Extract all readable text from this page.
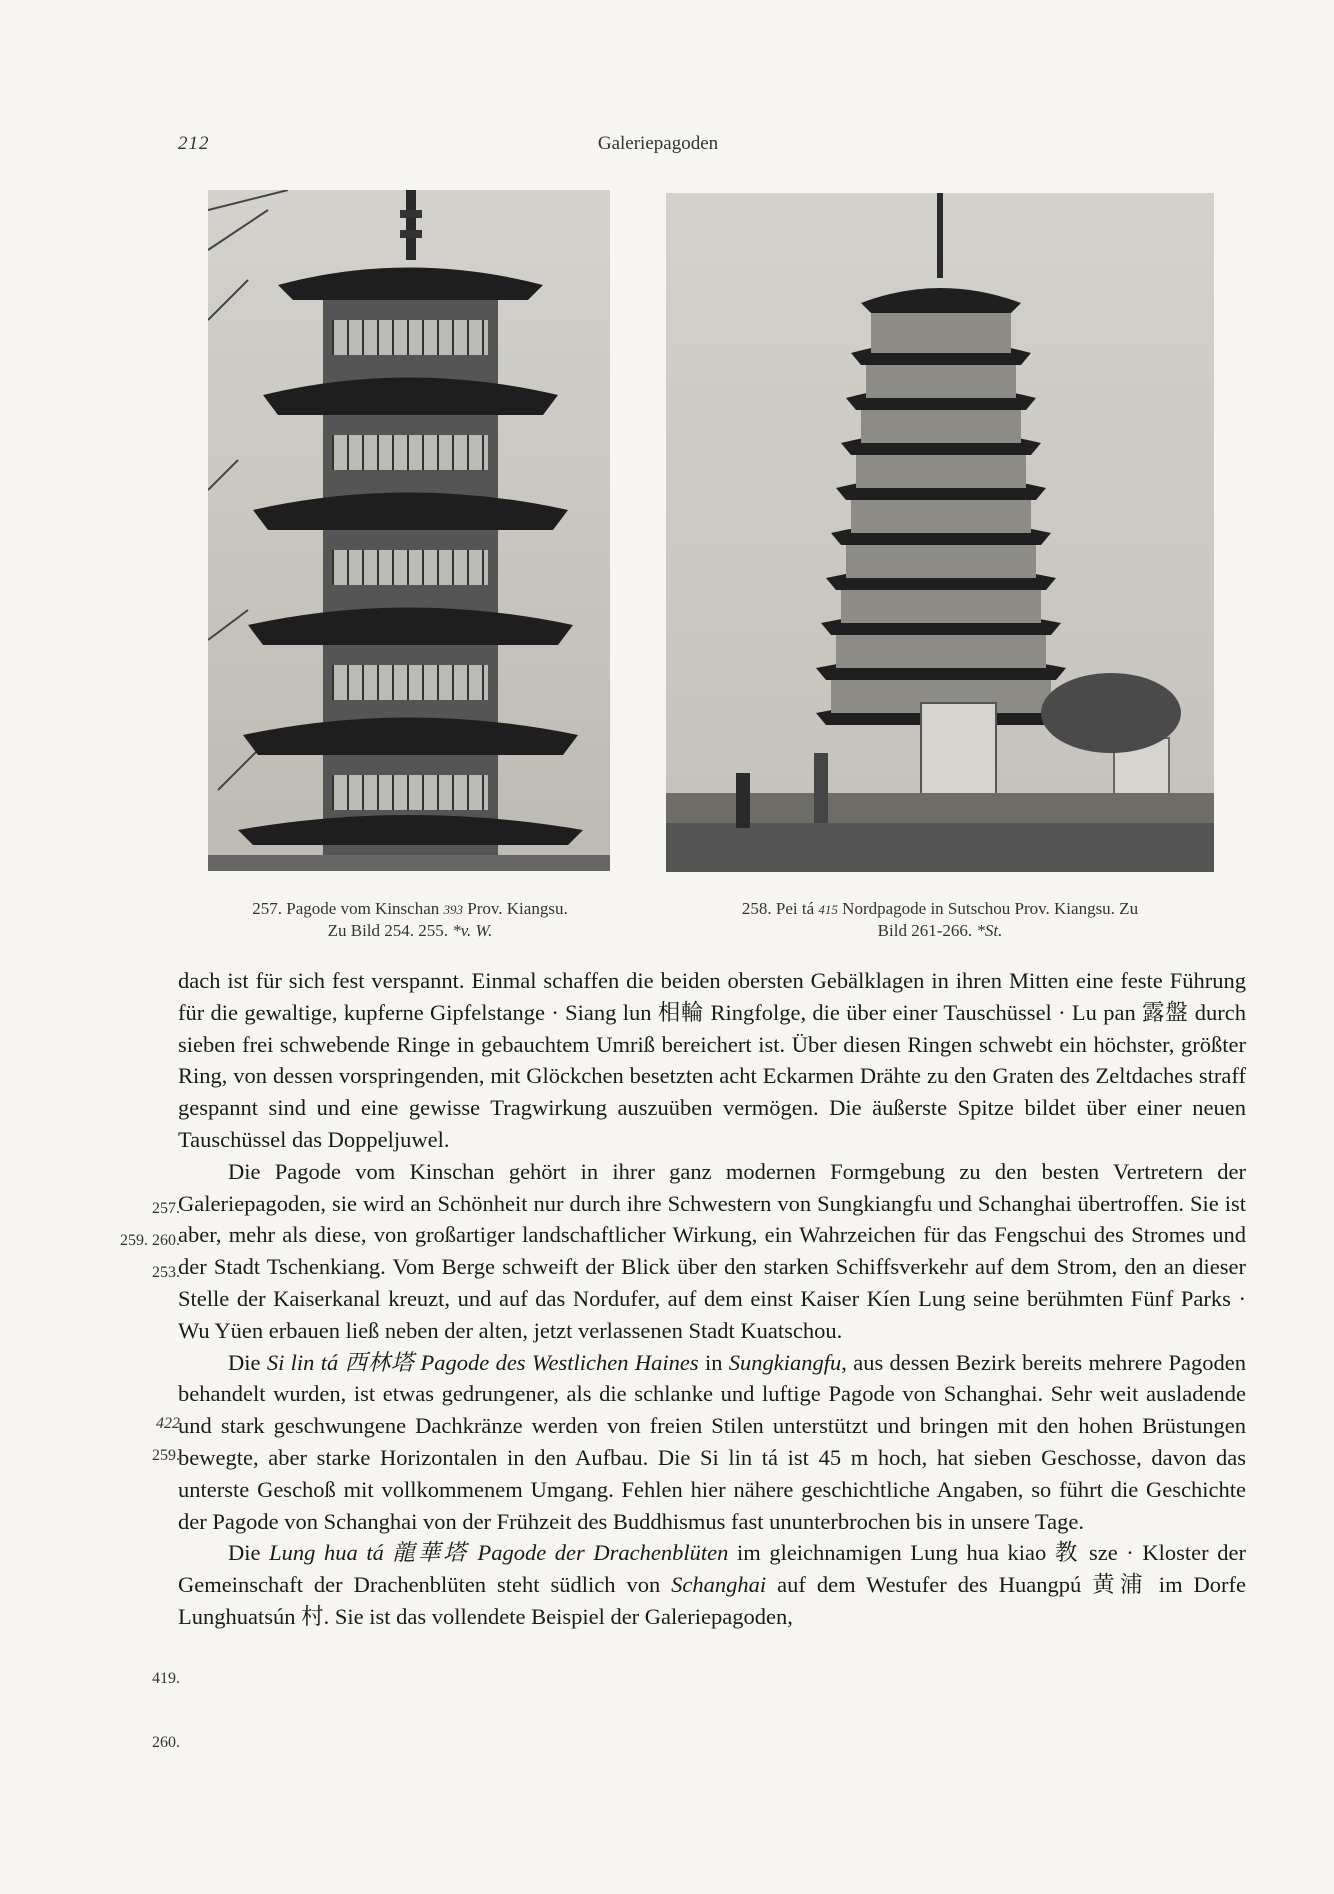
212	Galeriepagoden
257. Pagode vom Kinschan 393 Prov. Kiangsu.
Zu Bild 254. 255. *v. W.
258. Pei tá 415 Nordpagode in Sutschou Prov. Kiangsu. Zu
Bild 261-266. *St.
257.
259. 260.
253.
422
259.
419.
260.

dach ist für sich fest verspannt. Einmal schaffen die beiden obersten Gebälklagen in ihren Mitten eine feste Führung für die gewaltige, kupferne Gipfelstange · Siang lun 相輪 Ringfolge, die über einer Tauschüssel · Lu pan 露盤 durch sieben frei schwebende Ringe in gebauchtem Umriß bereichert ist. Über diesen Ringen schwebt ein höchster, größter Ring, von dessen vorspringenden, mit Glöckchen besetzten acht Eckarmen Drähte zu den Graten des Zeltdaches straff gespannt sind und eine gewisse Tragwirkung auszuüben vermögen. Die äußerste Spitze bildet über einer neuen Tauschüssel das Doppeljuwel.

Die Pagode vom Kinschan gehört in ihrer ganz modernen Formgebung zu den besten Vertretern der Galeriepagoden, sie wird an Schönheit nur durch ihre Schwestern von Sungkiangfu und Schanghai übertroffen. Sie ist aber, mehr als diese, von großartiger landschaftlicher Wirkung, ein Wahrzeichen für das Fengschui des Stromes und der Stadt Tschenkiang. Vom Berge schweift der Blick über den starken Schiffsverkehr auf dem Strom, den an dieser Stelle der Kaiserkanal kreuzt, und auf das Nordufer, auf dem einst Kaiser Kíen Lung seine berühmten Fünf Parks · Wu Yüen erbauen ließ neben der alten, jetzt verlassenen Stadt Kuatschou.

Die Si lin tá 西林塔 Pagode des Westlichen Haines in Sungkiangfu, aus dessen Bezirk bereits mehrere Pagoden behandelt wurden, ist etwas gedrungener, als die schlanke und luftige Pagode von Schanghai. Sehr weit ausladende und stark geschwungene Dachkränze werden von freien Stilen unterstützt und bringen mit den hohen Brüstungen bewegte, aber starke Horizontalen in den Aufbau. Die Si lin tá ist 45 m hoch, hat sieben Geschosse, davon das unterste Geschoß mit vollkommenem Umgang. Fehlen hier nähere geschichtliche Angaben, so führt die Geschichte der Pagode von Schanghai von der Frühzeit des Buddhismus fast ununterbrochen bis in unsere Tage.

Die Lung hua tá 龍華塔 Pagode der Drachenblüten im gleichnamigen Lung hua kiao 教 sze · Kloster der Gemeinschaft der Drachenblüten steht südlich von Schanghai auf dem Westufer des Huangpú 黄浦 im Dorfe Lunghuatsún 村. Sie ist das vollendete Beispiel der Galeriepagoden,
